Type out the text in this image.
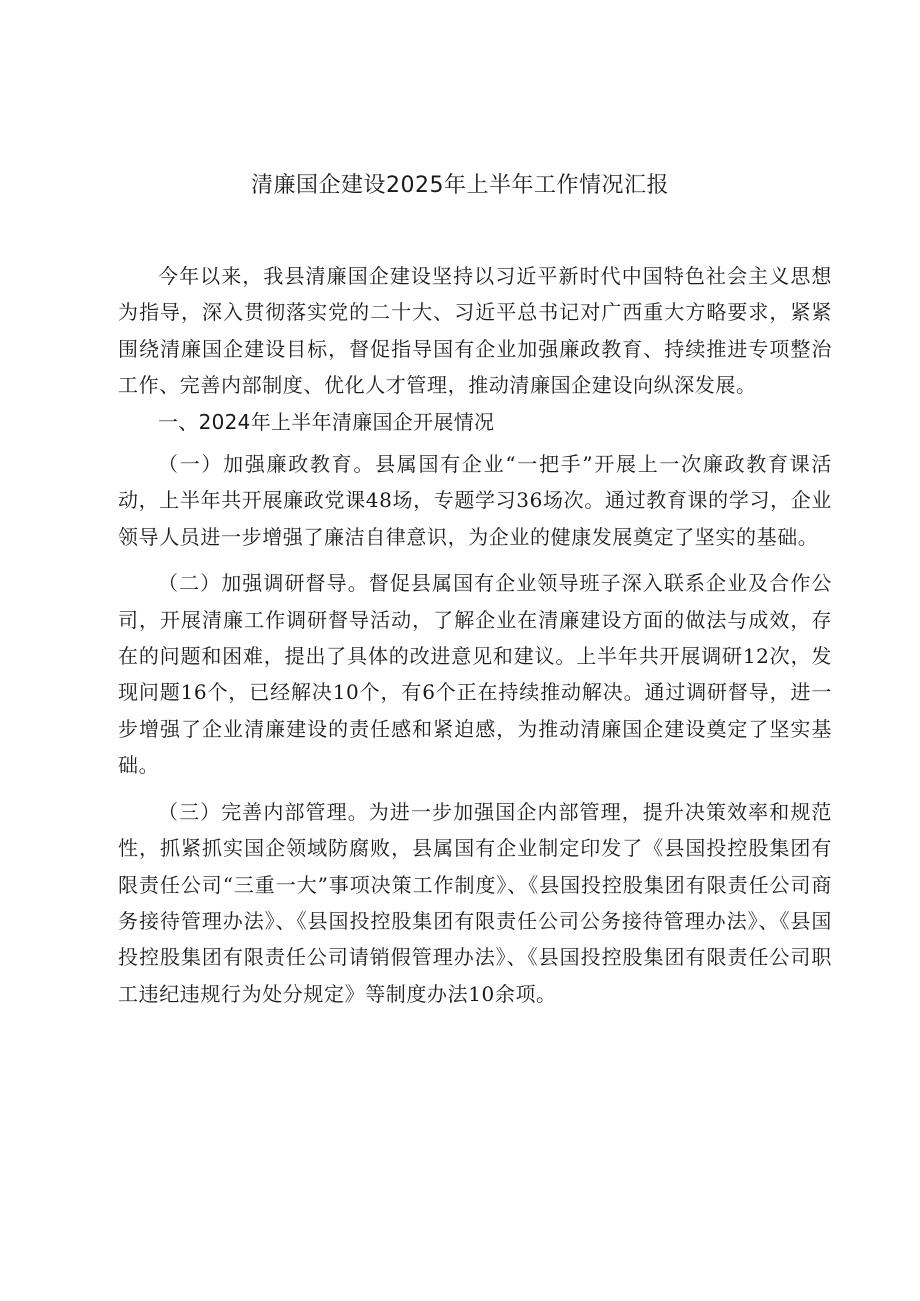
清廉国企建设2025年上半年工作情况汇报

今年以来，我县清廉国企建设坚持以习近平新时代中国特色社会主义思想为指导，深入贯彻落实党的二十大、习近平总书记对广西重大方略要求，紧紧围绕清廉国企建设目标，督促指导国有企业加强廉政教育、持续推进专项整治工作、完善内部制度、优化人才管理，推动清廉国企建设向纵深发展。

一、2024年上半年清廉国企开展情况

（一）加强廉政教育。县属国有企业“一把手”开展上一次廉政教育课活动，上半年共开展廉政党课48场，专题学习36场次。通过教育课的学习，企业领导人员进一步增强了廉洁自律意识，为企业的健康发展奠定了坚实的基础。

（二）加强调研督导。督促县属国有企业领导班子深入联系企业及合作公司，开展清廉工作调研督导活动，了解企业在清廉建设方面的做法与成效，存在的问题和困难，提出了具体的改进意见和建议。上半年共开展调研12次，发现问题16个，已经解决10个，有6个正在持续推动解决。通过调研督导，进一步增强了企业清廉建设的责任感和紧迫感，为推动清廉国企建设奠定了坚实基础。

（三）完善内部管理。为进一步加强国企内部管理，提升决策效率和规范性，抓紧抓实国企领域防腐败，县属国有企业制定印发了《县国投控股集团有限责任公司“三重一大”事项决策工作制度》、《县国投控股集团有限责任公司商务接待管理办法》、《县国投控股集团有限责任公司公务接待管理办法》、《县国投控股集团有限责任公司请销假管理办法》、《县国投控股集团有限责任公司职工违纪违规行为处分规定》等制度办法10余项。
